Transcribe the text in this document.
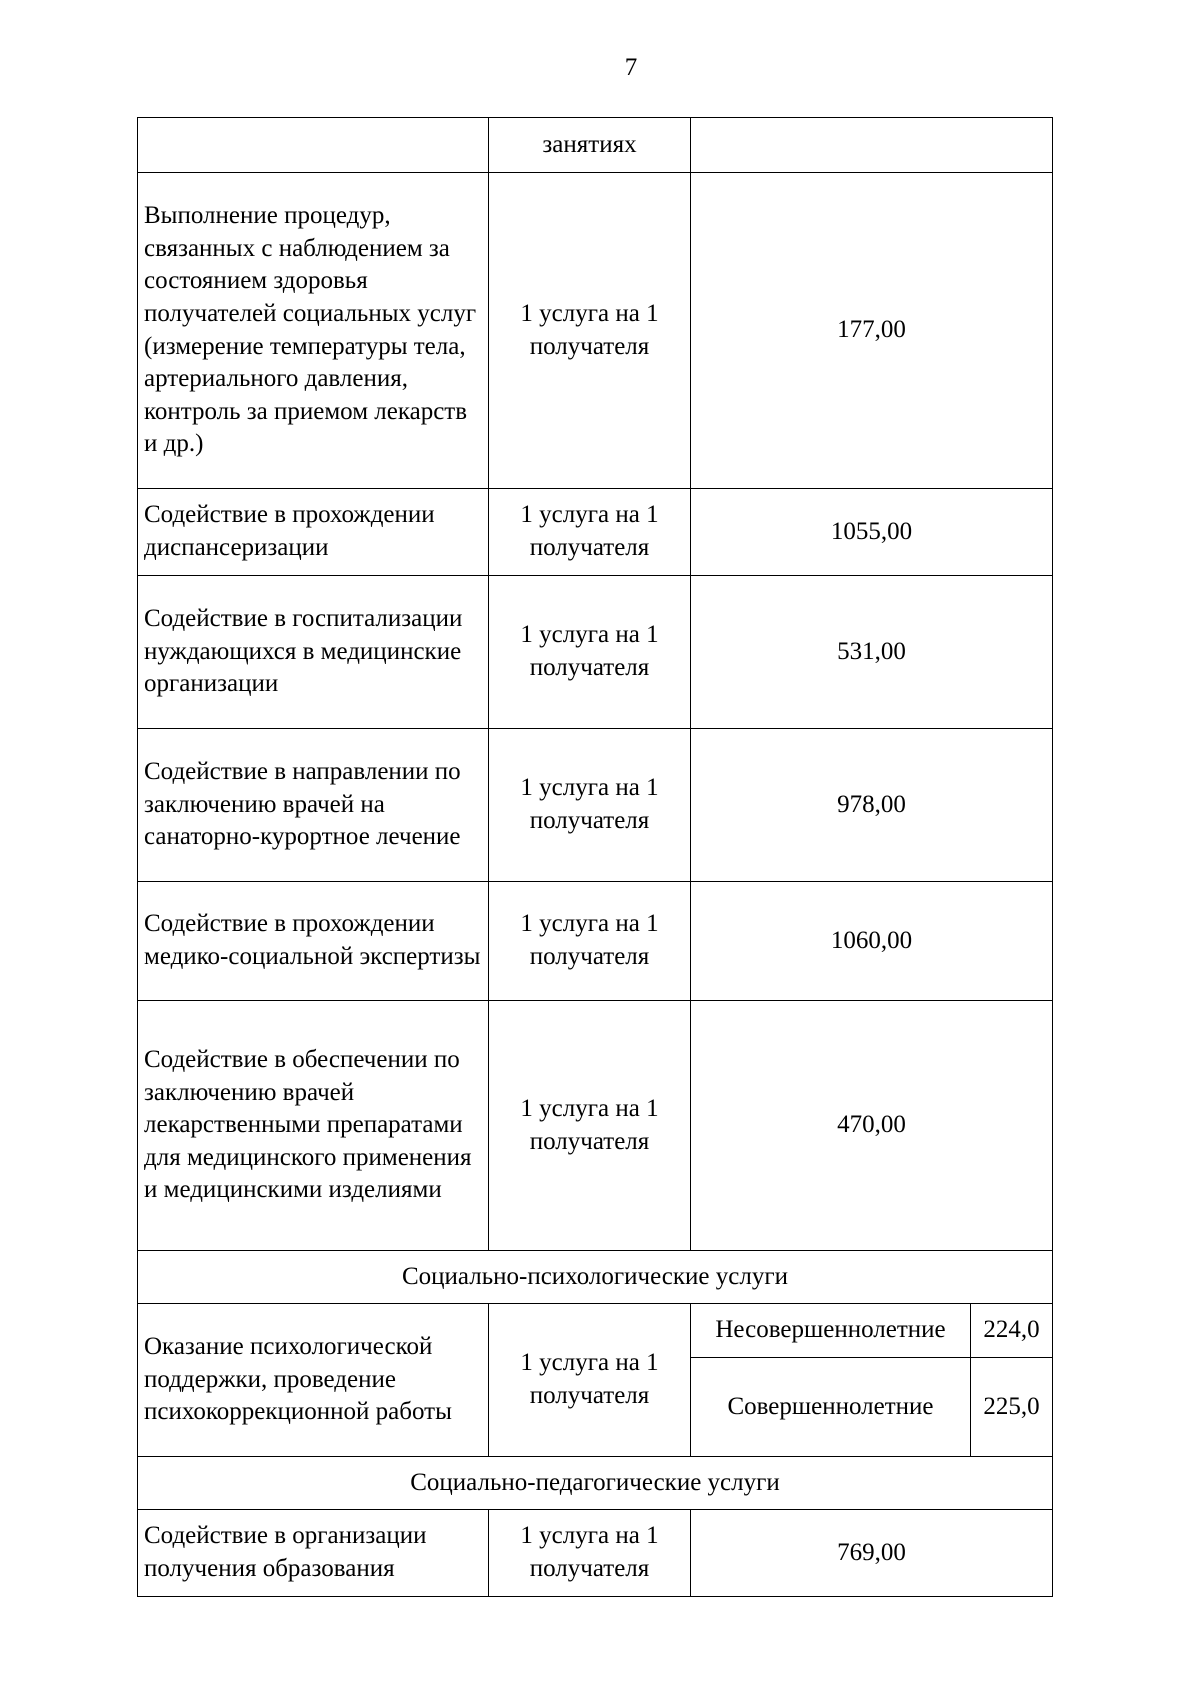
7
	занятиях		
Выполнение процедур, связанных с наблюдением за состоянием здоровья получателей социальных услуг (измерение температуры тела, артериального давления, контроль за приемом лекарств и др.)	1 услуга на 1 получателя	177,00	
Содействие в прохождении диспансеризации	1 услуга на 1 получателя	1055,00	
Содействие в госпитализации нуждающихся в медицинские организации	1 услуга на 1 получателя	531,00	
Содействие в направлении по заключению врачей на санаторно-курортное лечение	1 услуга на 1 получателя	978,00	
Содействие в прохождении медико-социальной экспертизы	1 услуга на 1 получателя	1060,00	
Содействие в обеспечении по заключению врачей лекарственными препаратами для медицинского применения и медицинскими изделиями	1 услуга на 1 получателя	470,00	
Социально-психологические услуги			
Оказание психологической поддержки, проведение психокоррекционной работы	1 услуга на 1 получателя	Несовершеннолетние	224,0
		Совершеннолетние	225,0
Социально-педагогические услуги			
Содействие в организации получения образования	1 услуга на 1 получателя	769,00	
